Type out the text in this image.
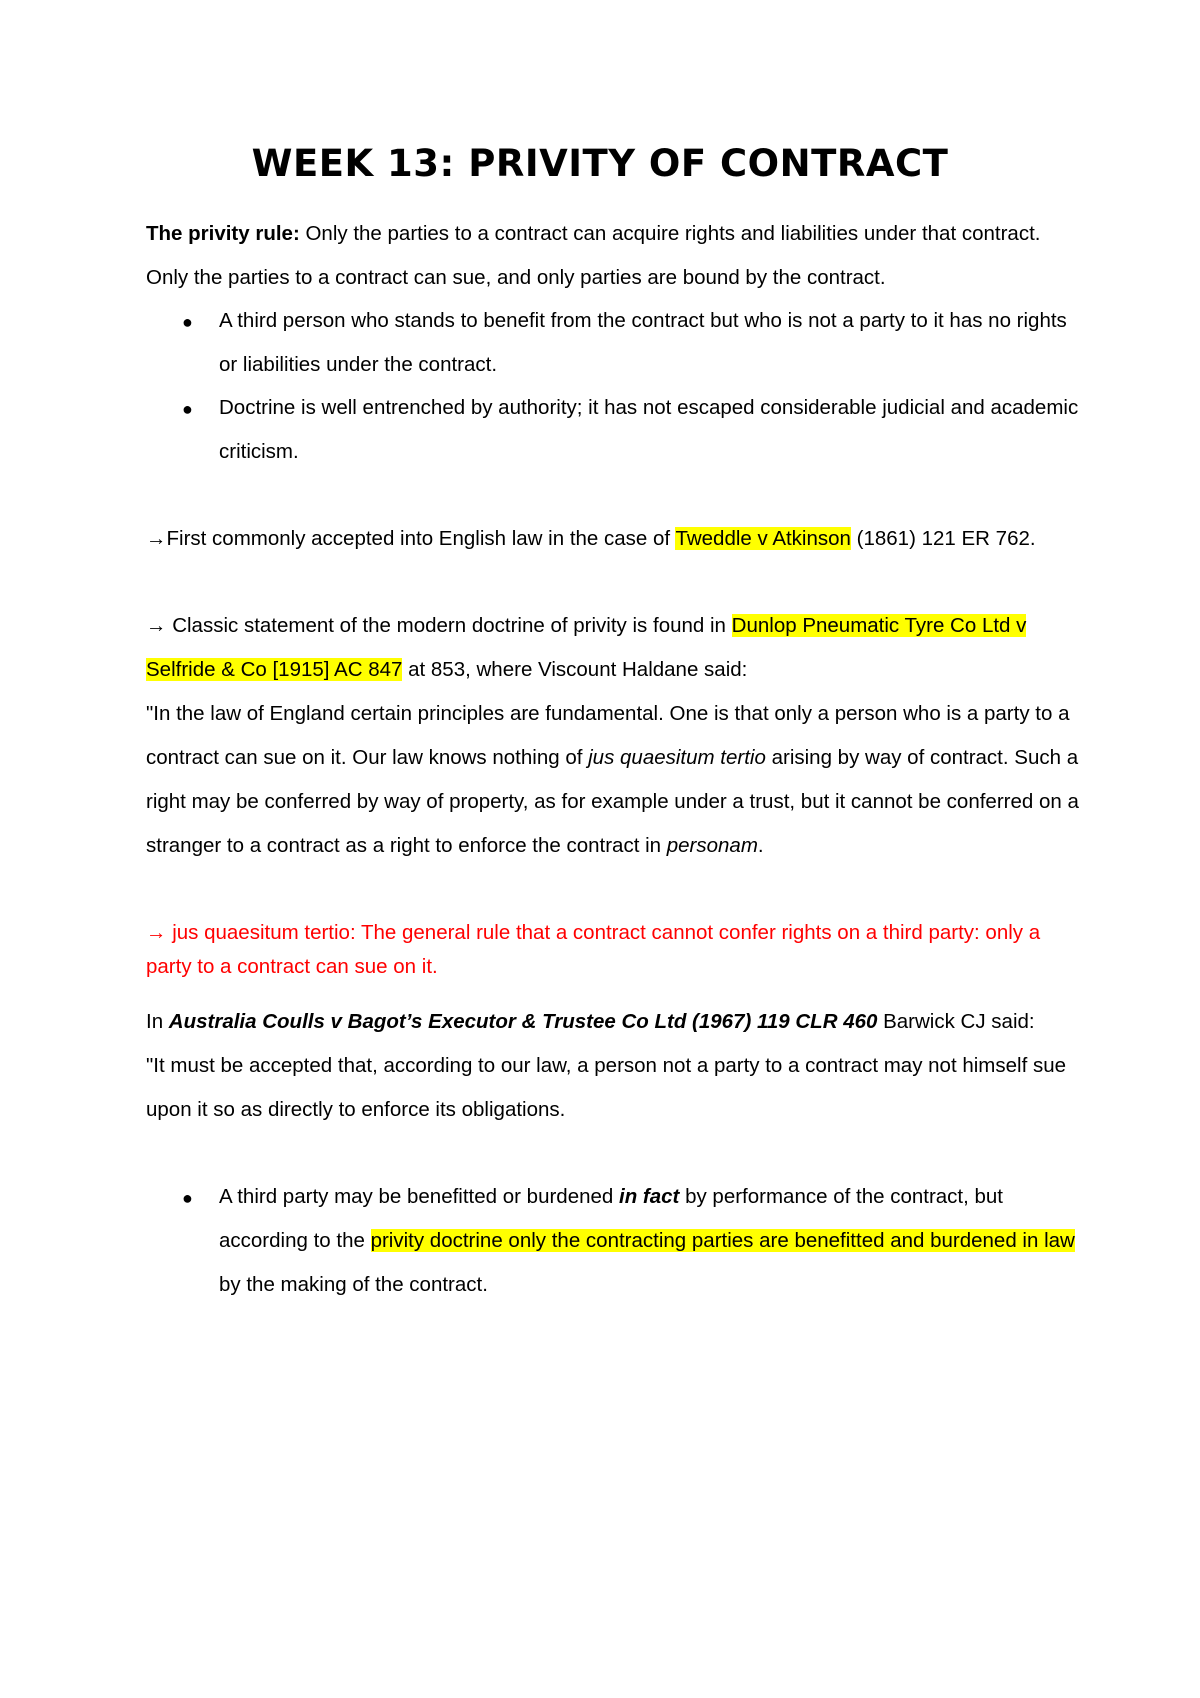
WEEK 13: PRIVITY OF CONTRACT

The privity rule: Only the parties to a contract can acquire rights and liabilities under that contract.

Only the parties to a contract can sue, and only parties are bound by the contract.

● A third person who stands to benefit from the contract but who is not a party to it has no rights

or liabilities under the contract.

● Doctrine is well entrenched by authority; it has not escaped considerable judicial and academic

criticism.

→First commonly accepted into English law in the case of Tweddle v Atkinson (1861) 121 ER 762.

→ Classic statement of the modern doctrine of privity is found in Dunlop Pneumatic Tyre Co Ltd v

Selfride & Co [1915] AC 847 at 853, where Viscount Haldane said:

"In the law of England certain principles are fundamental. One is that only a person who is a party to a

contract can sue on it. Our law knows nothing of jus quaesitum tertio arising by way of contract. Such a

right may be conferred by way of property, as for example under a trust, but it cannot be conferred on a

stranger to a contract as a right to enforce the contract in personam.

→ jus quaesitum tertio: The general rule that a contract cannot confer rights on a third party: only a

party to a contract can sue on it.

In Australia Coulls v Bagot’s Executor & Trustee Co Ltd (1967) 119 CLR 460 Barwick CJ said:

"It must be accepted that, according to our law, a person not a party to a contract may not himself sue

upon it so as directly to enforce its obligations.

● A third party may be benefitted or burdened in fact by performance of the contract, but

according to the privity doctrine only the contracting parties are benefitted and burdened in law

by the making of the contract.
